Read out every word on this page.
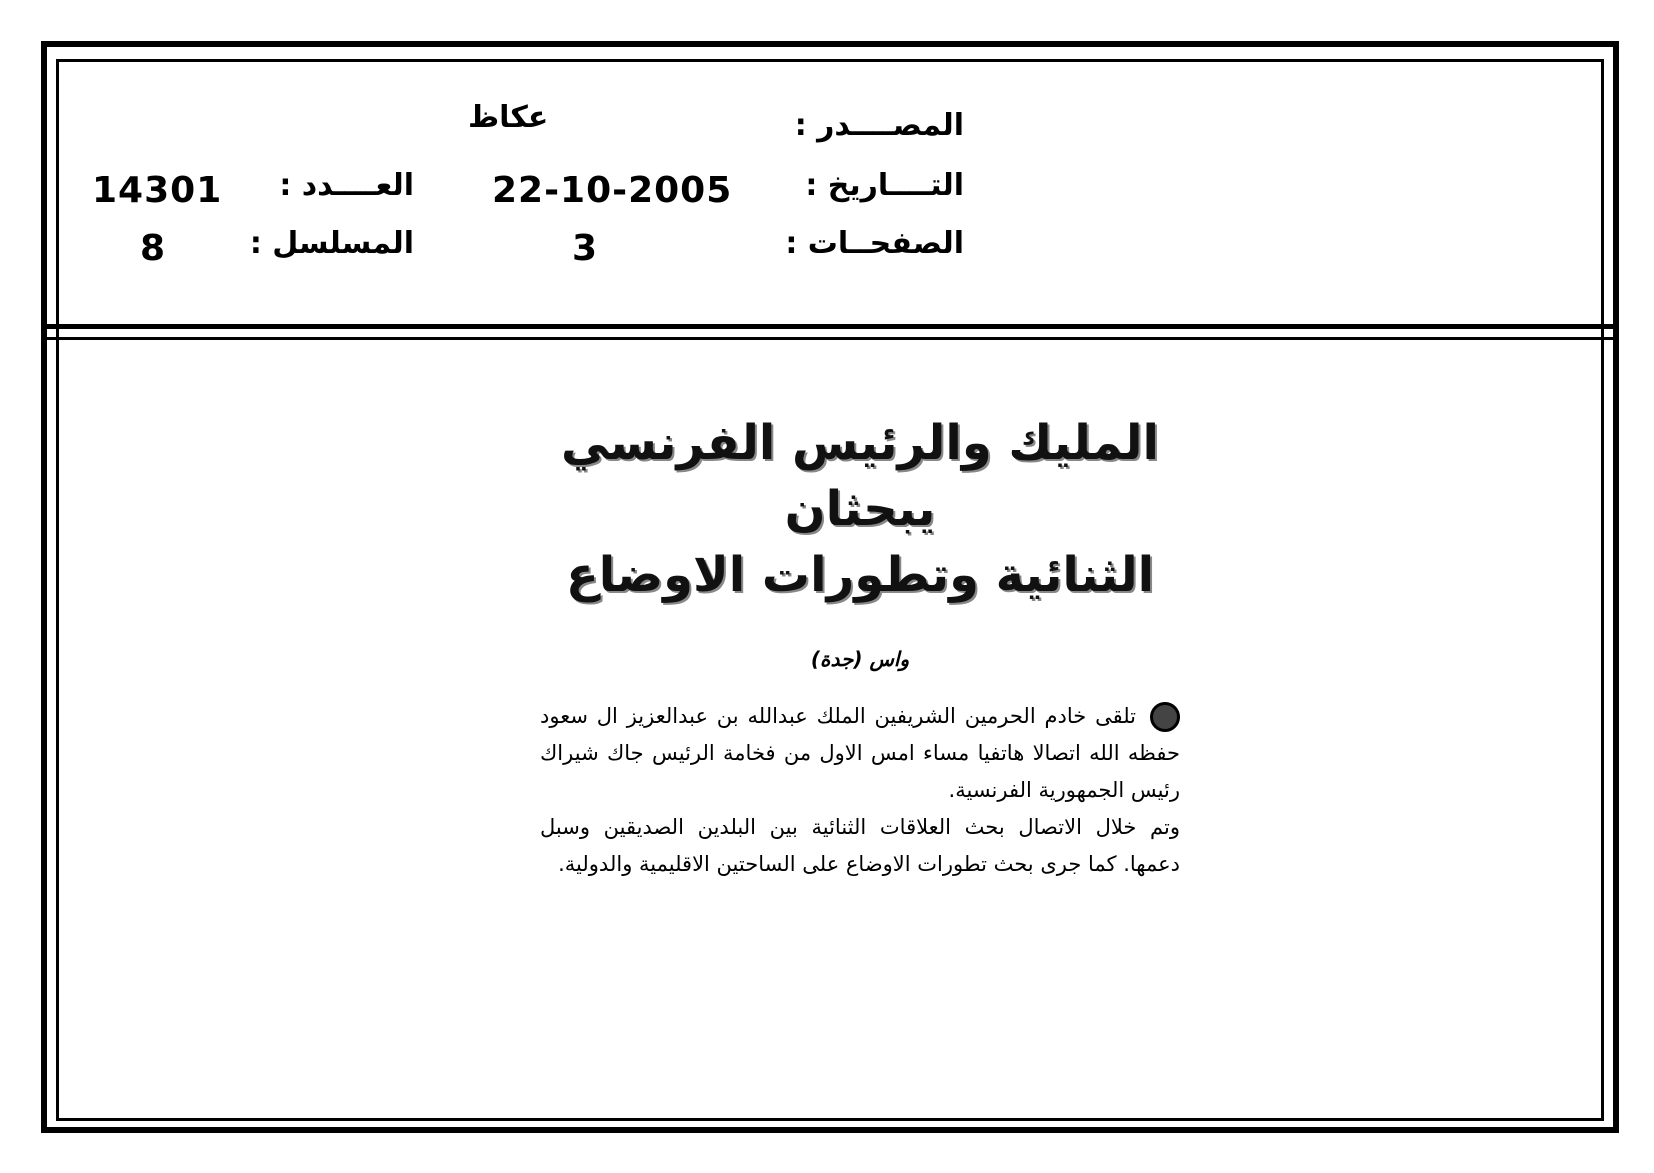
المصــــدر :
عكاظ
التــــاريخ :
22-10-2005
الصفحــات :
3
العــــدد :
14301
المسلسل :
8
المليك والرئيس الفرنسي يبحثان
الثنائية وتطورات الاوضاع
واس (جدة)

تلقى خادم الحرمين الشريفين الملك عبدالله بن عبدالعزيز ال سعود حفظه الله اتصالا هاتفيا مساء امس الاول من فخامة الرئيس جاك شيراك رئيس الجمهورية الفرنسية.

وتم خلال الاتصال بحث العلاقات الثنائية بين البلدين الصديقين وسبل دعمها. كما جرى بحث تطورات الاوضاع على الساحتين الاقليمية والدولية.
